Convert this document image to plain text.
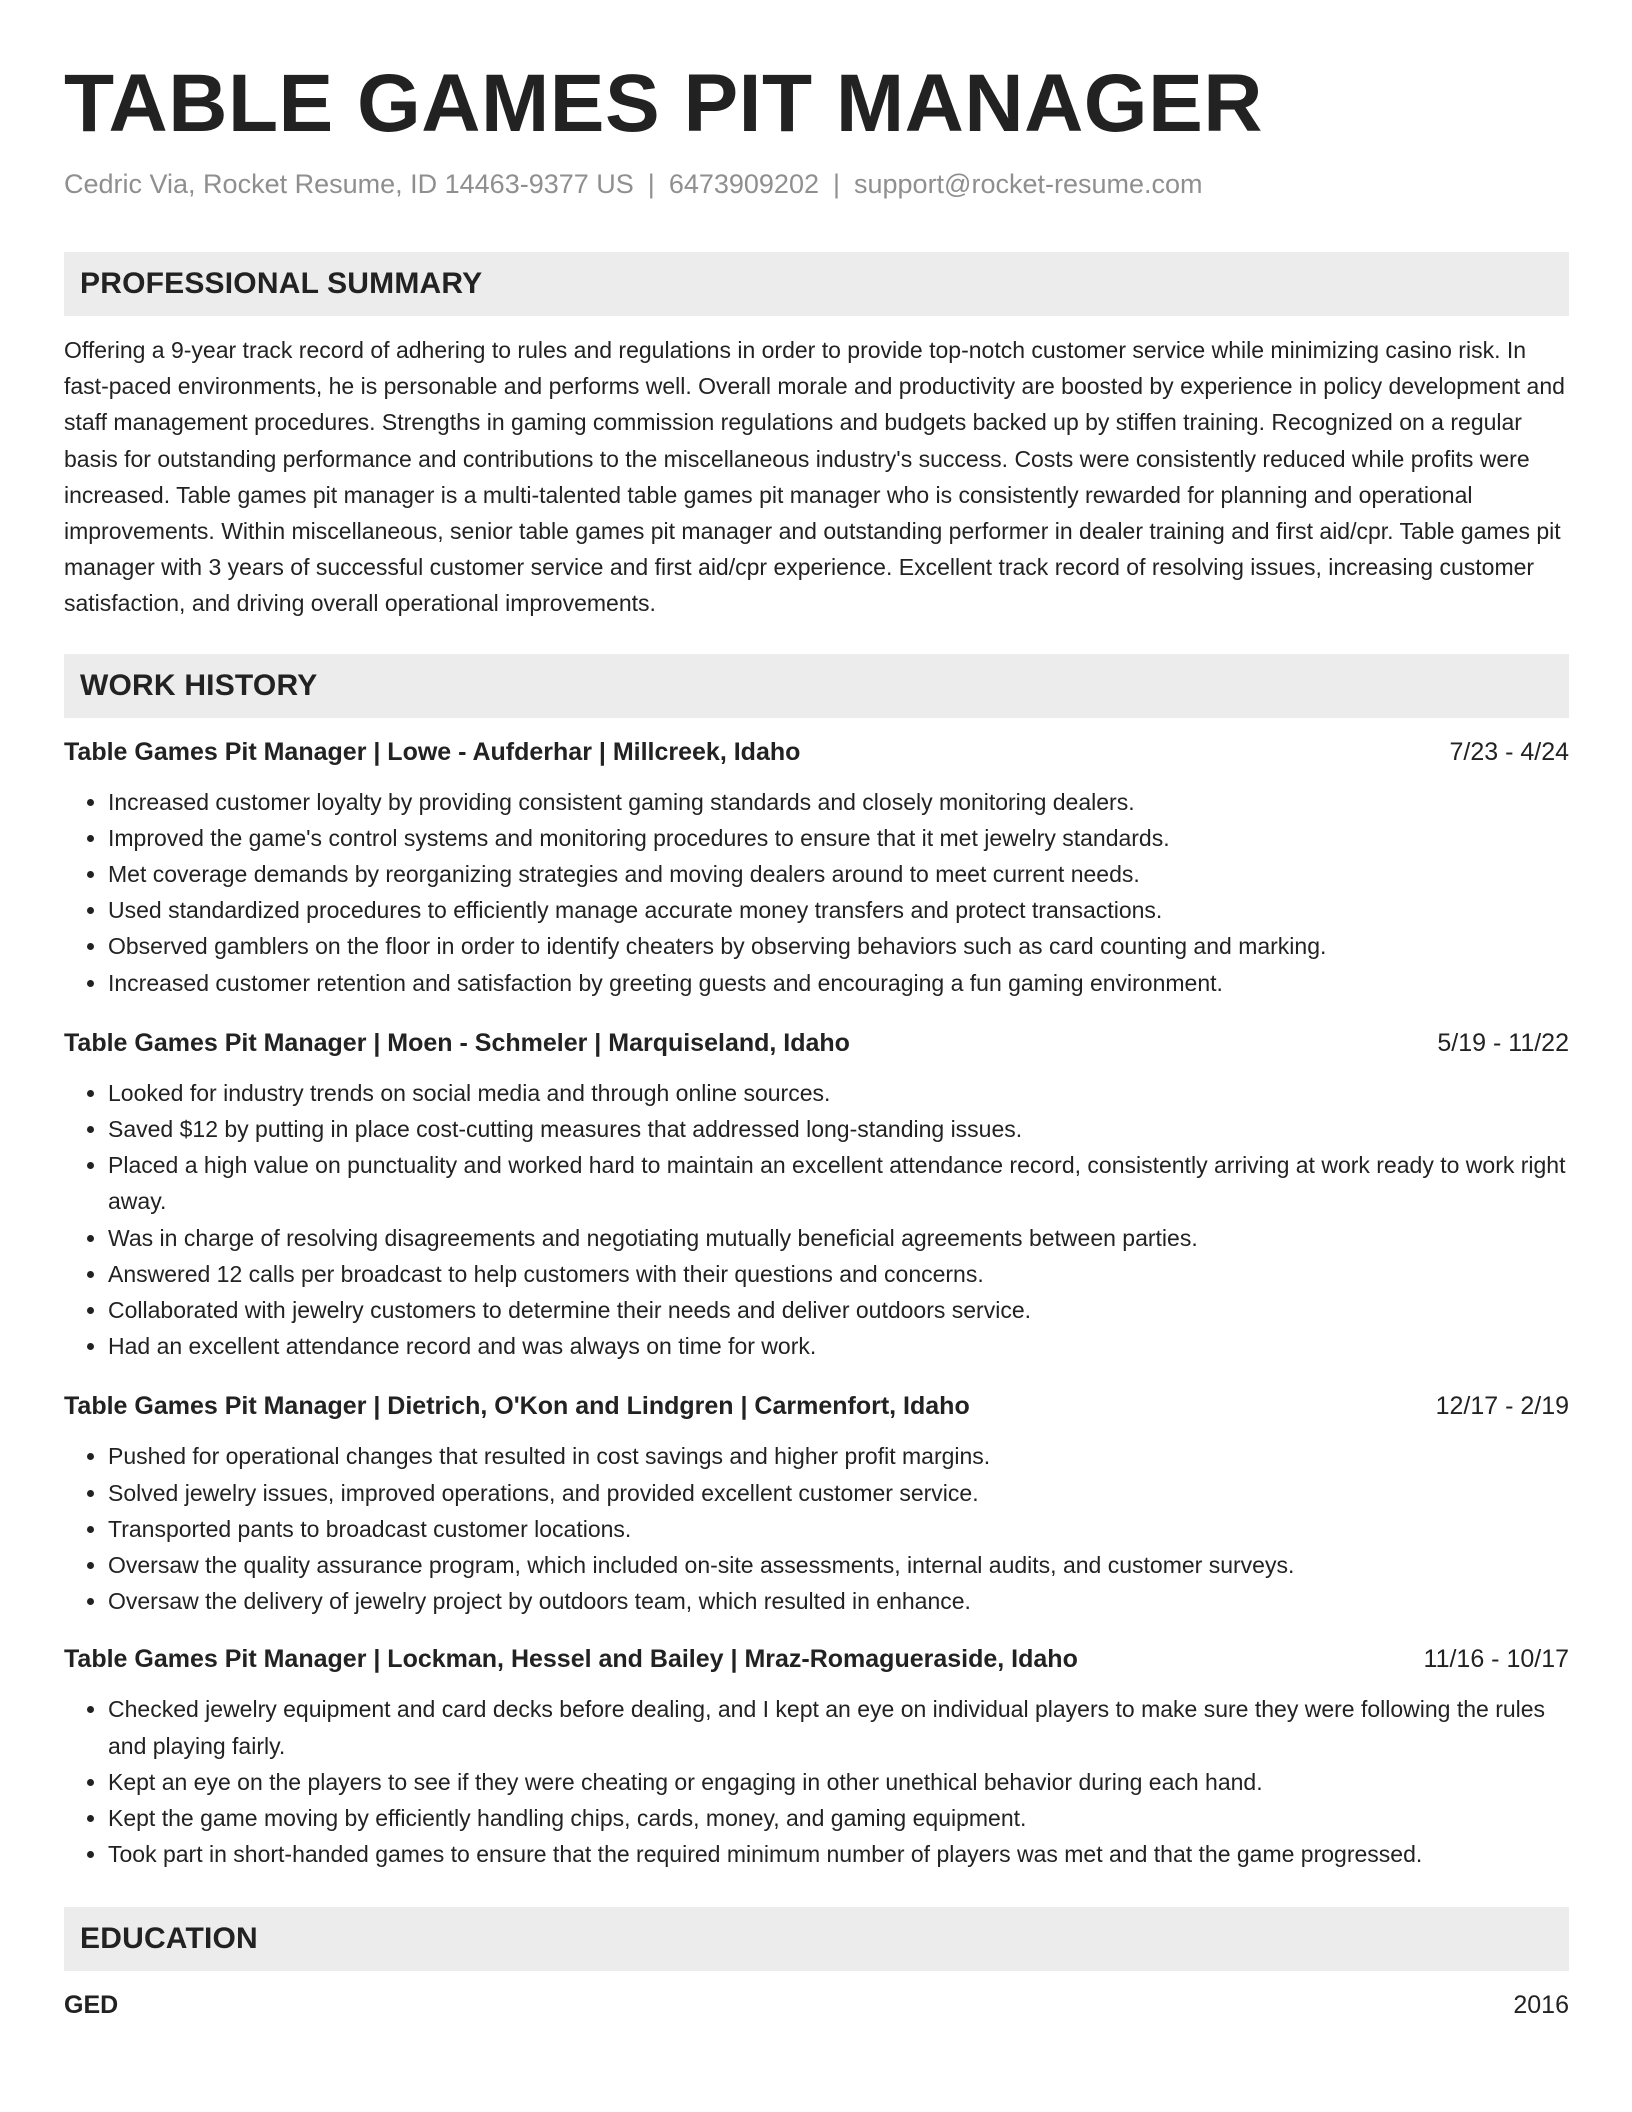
TABLE GAMES PIT MANAGER
Cedric Via, Rocket Resume, ID 14463-9377 US | 6473909202 | support@rocket-resume.com
PROFESSIONAL SUMMARY
Offering a 9-year track record of adhering to rules and regulations in order to provide top-notch customer service while minimizing casino risk. In fast-paced environments, he is personable and performs well. Overall morale and productivity are boosted by experience in policy development and staff management procedures. Strengths in gaming commission regulations and budgets backed up by stiffen training. Recognized on a regular basis for outstanding performance and contributions to the miscellaneous industry's success. Costs were consistently reduced while profits were increased. Table games pit manager is a multi-talented table games pit manager who is consistently rewarded for planning and operational improvements. Within miscellaneous, senior table games pit manager and outstanding performer in dealer training and first aid/cpr. Table games pit manager with 3 years of successful customer service and first aid/cpr experience. Excellent track record of resolving issues, increasing customer satisfaction, and driving overall operational improvements.
WORK HISTORY
Table Games Pit Manager | Lowe - Aufderhar | Millcreek, Idaho	7/23 - 4/24
• Increased customer loyalty by providing consistent gaming standards and closely monitoring dealers.
• Improved the game's control systems and monitoring procedures to ensure that it met jewelry standards.
• Met coverage demands by reorganizing strategies and moving dealers around to meet current needs.
• Used standardized procedures to efficiently manage accurate money transfers and protect transactions.
• Observed gamblers on the floor in order to identify cheaters by observing behaviors such as card counting and marking.
• Increased customer retention and satisfaction by greeting guests and encouraging a fun gaming environment.
Table Games Pit Manager | Moen - Schmeler | Marquiseland, Idaho	5/19 - 11/22
• Looked for industry trends on social media and through online sources.
• Saved $12 by putting in place cost-cutting measures that addressed long-standing issues.
• Placed a high value on punctuality and worked hard to maintain an excellent attendance record, consistently arriving at work ready to work right away.
• Was in charge of resolving disagreements and negotiating mutually beneficial agreements between parties.
• Answered 12 calls per broadcast to help customers with their questions and concerns.
• Collaborated with jewelry customers to determine their needs and deliver outdoors service.
• Had an excellent attendance record and was always on time for work.
Table Games Pit Manager | Dietrich, O'Kon and Lindgren | Carmenfort, Idaho	12/17 - 2/19
• Pushed for operational changes that resulted in cost savings and higher profit margins.
• Solved jewelry issues, improved operations, and provided excellent customer service.
• Transported pants to broadcast customer locations.
• Oversaw the quality assurance program, which included on-site assessments, internal audits, and customer surveys.
• Oversaw the delivery of jewelry project by outdoors team, which resulted in enhance.
Table Games Pit Manager | Lockman, Hessel and Bailey | Mraz-Romagueraside, Idaho	11/16 - 10/17
• Checked jewelry equipment and card decks before dealing, and I kept an eye on individual players to make sure they were following the rules and playing fairly.
• Kept an eye on the players to see if they were cheating or engaging in other unethical behavior during each hand.
• Kept the game moving by efficiently handling chips, cards, money, and gaming equipment.
• Took part in short-handed games to ensure that the required minimum number of players was met and that the game progressed.
EDUCATION
GED	2016
